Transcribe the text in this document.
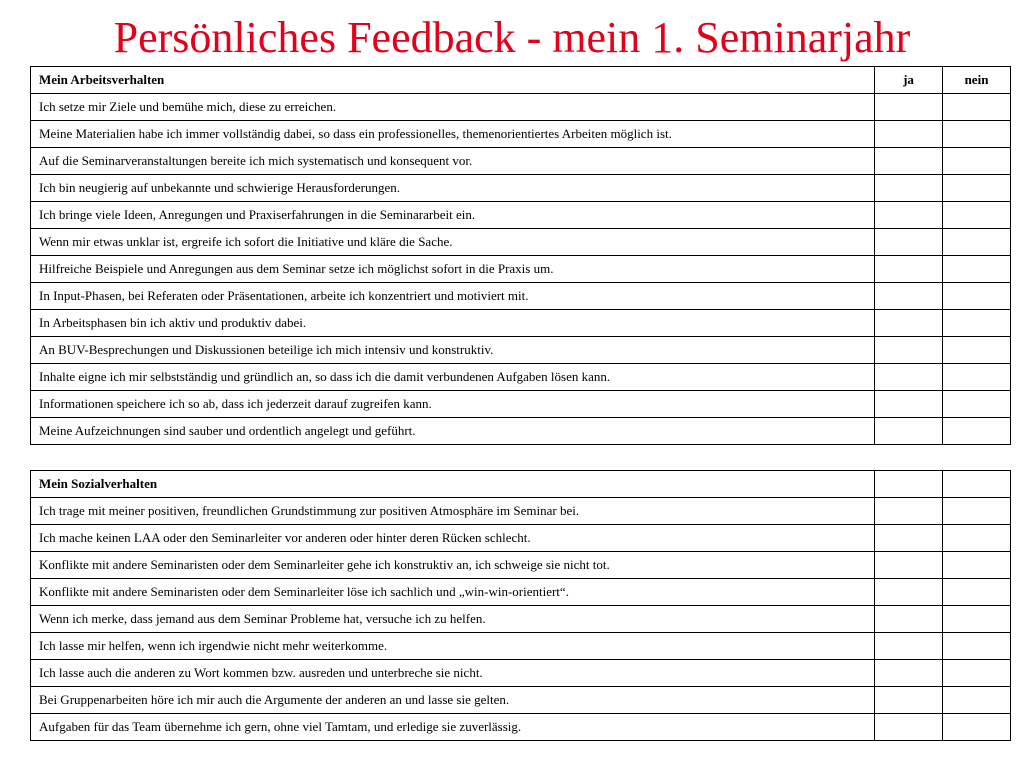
Persönliches Feedback - mein 1. Seminarjahr
Mein Arbeitsverhalten	ja	nein
Ich setze mir Ziele und bemühe mich, diese zu erreichen.		
Meine Materialien habe ich immer vollständig dabei, so dass ein professionelles, themenorientiertes Arbeiten möglich ist.		
Auf die Seminarveranstaltungen bereite ich mich systematisch und konsequent vor.		
Ich bin neugierig auf unbekannte und schwierige Herausforderungen.		
Ich bringe viele Ideen, Anregungen und Praxiserfahrungen in die Seminararbeit ein.		
Wenn mir etwas unklar ist, ergreife ich sofort die Initiative und kläre die Sache.		
Hilfreiche Beispiele und Anregungen aus dem Seminar setze ich möglichst sofort in die Praxis um.		
In Input-Phasen, bei Referaten oder Präsentationen, arbeite ich konzentriert und motiviert mit.		
In Arbeitsphasen bin ich aktiv und produktiv dabei.		
An BUV-Besprechungen und Diskussionen beteilige ich mich intensiv und konstruktiv.		
Inhalte eigne ich mir selbstständig und gründlich an, so dass ich die damit verbundenen Aufgaben lösen kann.		
Informationen speichere ich so ab, dass ich jederzeit darauf zugreifen kann.		
Meine Aufzeichnungen sind sauber und ordentlich angelegt und geführt.		
Mein Sozialverhalten		
Ich trage mit meiner positiven, freundlichen Grundstimmung zur positiven Atmosphäre im Seminar bei.		
Ich mache keinen LAA oder den Seminarleiter vor anderen oder hinter deren Rücken schlecht.		
Konflikte mit andere Seminaristen oder dem Seminarleiter gehe ich konstruktiv an, ich schweige sie nicht tot.		
Konflikte mit andere Seminaristen oder dem Seminarleiter löse ich sachlich und „win-win-orientiert“.		
Wenn ich merke, dass jemand aus dem Seminar Probleme hat, versuche ich zu helfen.		
Ich lasse mir helfen, wenn ich irgendwie nicht mehr weiterkomme.		
Ich lasse auch die anderen zu Wort kommen bzw. ausreden und unterbreche sie nicht.		
Bei Gruppenarbeiten höre ich mir auch die Argumente der anderen an und lasse sie gelten.		
Aufgaben für das Team übernehme ich gern, ohne viel Tamtam, und erledige sie zuverlässig.		
